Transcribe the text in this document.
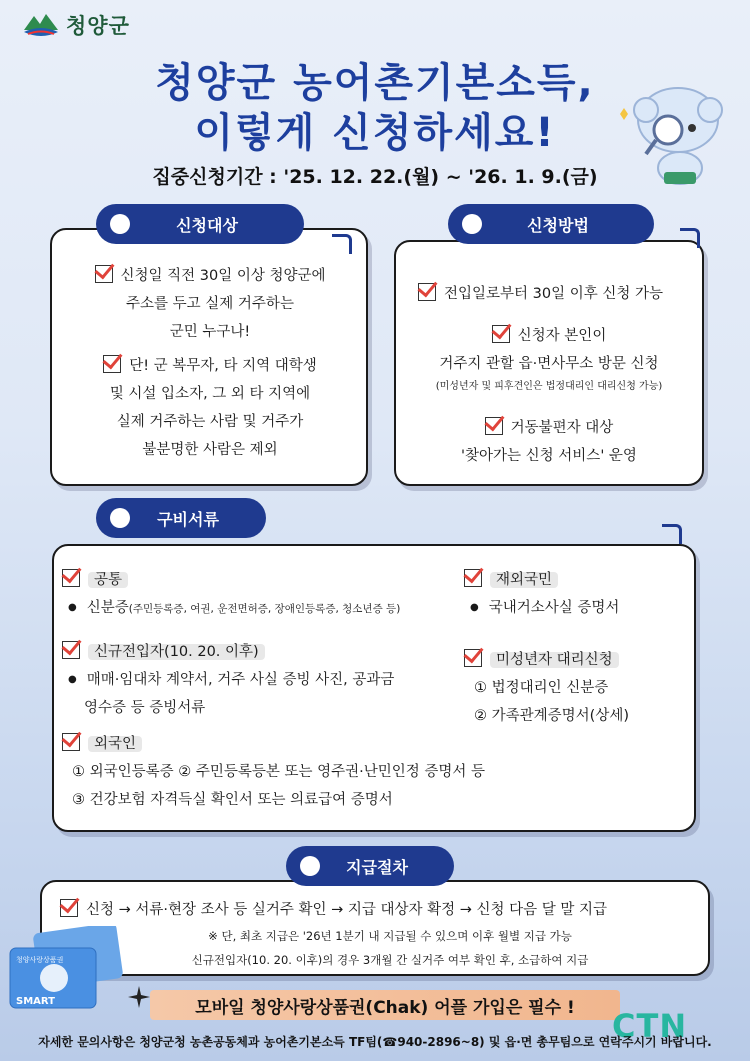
청양군
청양군 농어촌기본소득,
이렇게 신청하세요!
집중신청기간 : '25. 12. 22.(월) ~ '26. 1. 9.(금)
신청대상
신청일 직전 30일 이상 청양군에
주소를 두고 실제 거주하는
군민 누구나!
단! 군 복무자, 타 지역 대학생
및 시설 입소자, 그 외 타 지역에
실제 거주하는 사람 및 거주가
불분명한 사람은 제외
신청방법
전입일로부터 30일 이후 신청 가능
신청자 본인이
거주지 관할 읍·면사무소 방문 신청
(미성년자 및 피후견인은 법정대리인 대리신청 가능)
거동불편자 대상
'찾아가는 신청 서비스' 운영
구비서류
공통
● 신분증(주민등록증, 여권, 운전면허증, 장애인등록증, 청소년증 등)
신규전입자(10. 20. 이후)
● 매매·임대차 계약서, 거주 사실 증빙 사진, 공과금
영수증 등 증빙서류
외국인
① 외국인등록증 ② 주민등록등본 또는 영주권·난민인정 증명서 등
③ 건강보험 자격득실 확인서 또는 의료급여 증명서
재외국민
● 국내거소사실 증명서
미성년자 대리신청
① 법정대리인 신분증
② 가족관계증명서(상세)
지급절차
신청 → 서류·현장 조사 등 실거주 확인 → 지급 대상자 확정 → 신청 다음 달 말 지급
※ 단, 최초 지급은 '26년 1분기 내 지급될 수 있으며 이후 월별 지급 가능
신규전입자(10. 20. 이후)의 경우 3개월 간 실거주 여부 확인 후, 소급하여 지급
청양사랑상품권
SMART	모바일 청양사랑상품권(Chak) 어플 가입은 필수 !	CTN
자세한 문의사항은 청양군청 농촌공동체과 농어촌기본소득 TF팀(☎940-2896~8) 및 읍·면 총무팀으로 연락주시기 바랍니다.
